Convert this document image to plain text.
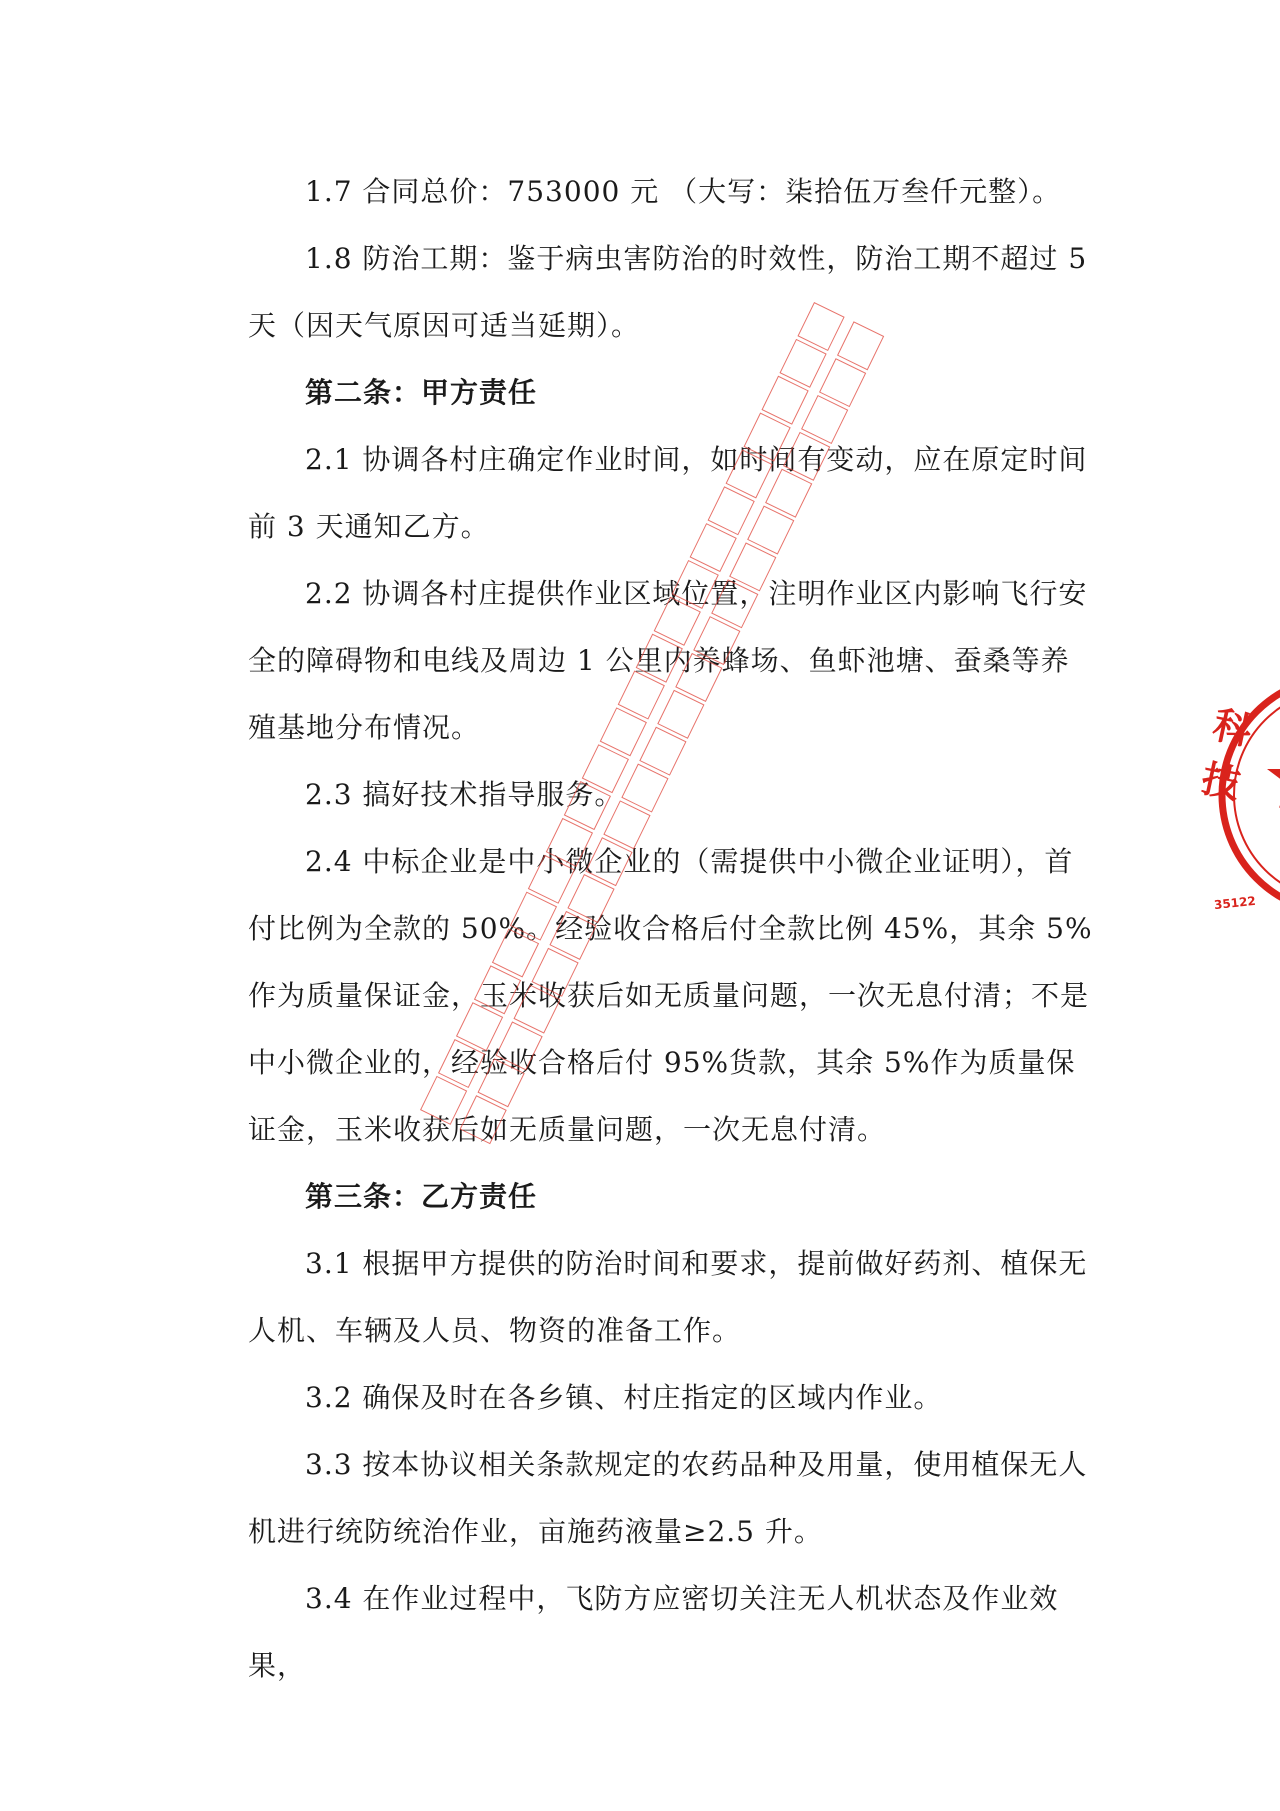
1.7 合同总价：753000 元 （大写：柒拾伍万叁仟元整）。

1.8 防治工期：鉴于病虫害防治的时效性，防治工期不超过 5 天（因天气原因可适当延期）。

第二条：甲方责任

2.1 协调各村庄确定作业时间，如时间有变动，应在原定时间前 3 天通知乙方。

2.2 协调各村庄提供作业区域位置，注明作业区内影响飞行安全的障碍物和电线及周边 1 公里内养蜂场、鱼虾池塘、蚕桑等养殖基地分布情况。

2.3 搞好技术指导服务。

2.4 中标企业是中小微企业的（需提供中小微企业证明），首付比例为全款的 50%。经验收合格后付全款比例 45%，其余 5%作为质量保证金，玉米收获后如无质量问题，一次无息付清；不是中小微企业的，经验收合格后付 95%货款，其余 5%作为质量保证金，玉米收获后如无质量问题，一次无息付清。

第三条：乙方责任

3.1 根据甲方提供的防治时间和要求，提前做好药剂、植保无人机、车辆及人员、物资的准备工作。

3.2 确保及时在各乡镇、村庄指定的区域内作业。

3.3 按本协议相关条款规定的农药品种及用量，使用植保无人机进行统防统治作业，亩施药液量≥2.5 升。

3.4 在作业过程中，飞防方应密切关注无人机状态及作业效果，

科技
35122
